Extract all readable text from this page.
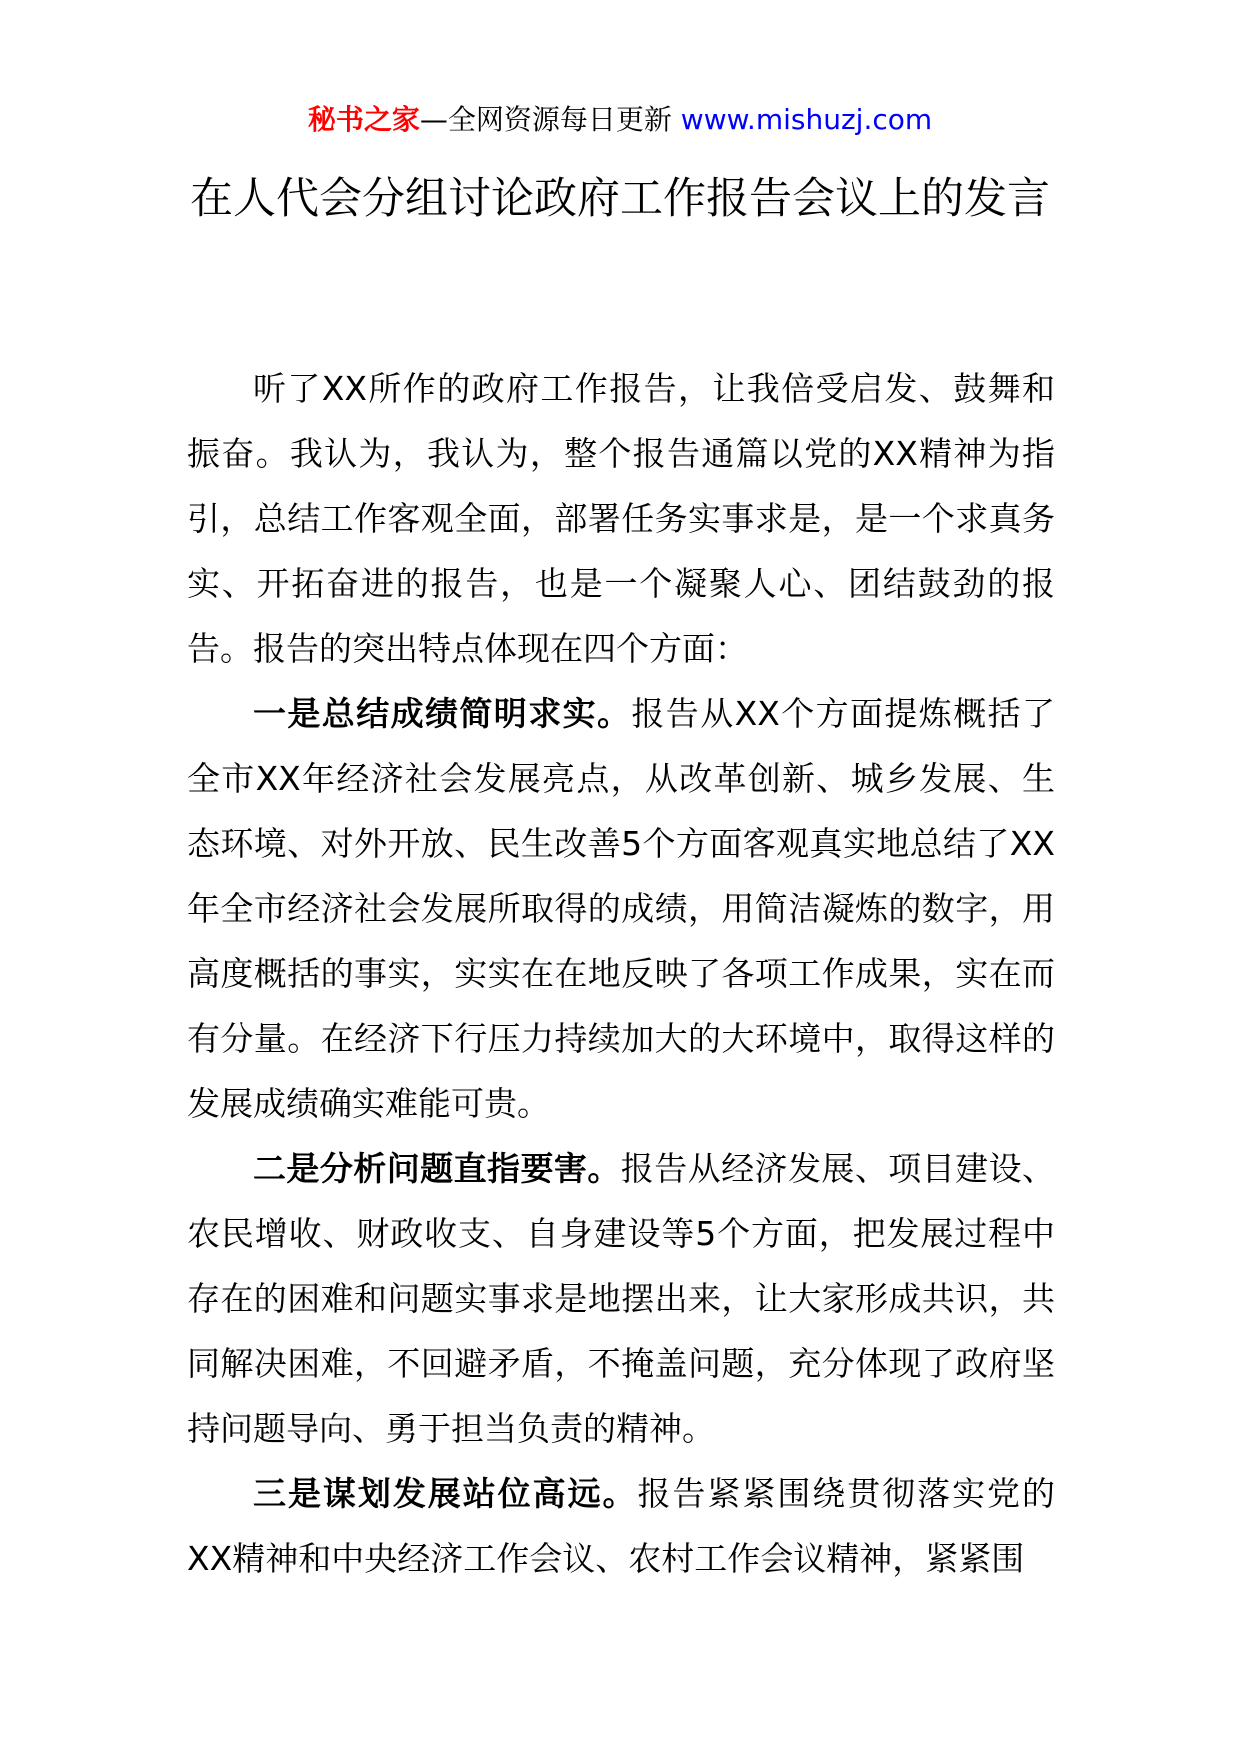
秘书之家—全网资源每日更新 www.mishuzj.com
在人代会分组讨论政府工作报告会议上的发言

听了XX所作的政府工作报告，让我倍受启发、鼓舞和振奋。我认为，我认为，整个报告通篇以党的XX精神为指引，总结工作客观全面，部署任务实事求是，是一个求真务实、开拓奋进的报告，也是一个凝聚人心、团结鼓劲的报告。报告的突出特点体现在四个方面：

一是总结成绩简明求实。报告从XX个方面提炼概括了全市XX年经济社会发展亮点，从改革创新、城乡发展、生态环境、对外开放、民生改善5个方面客观真实地总结了XX年全市经济社会发展所取得的成绩，用简洁凝炼的数字，用高度概括的事实，实实在在地反映了各项工作成果，实在而有分量。在经济下行压力持续加大的大环境中，取得这样的发展成绩确实难能可贵。

二是分析问题直指要害。报告从经济发展、项目建设、农民增收、财政收支、自身建设等5个方面，把发展过程中存在的困难和问题实事求是地摆出来，让大家形成共识，共同解决困难，不回避矛盾，不掩盖问题，充分体现了政府坚持问题导向、勇于担当负责的精神。

三是谋划发展站位高远。报告紧紧围绕贯彻落实党的XX精神和中央经济工作会议、农村工作会议精神，紧紧围
